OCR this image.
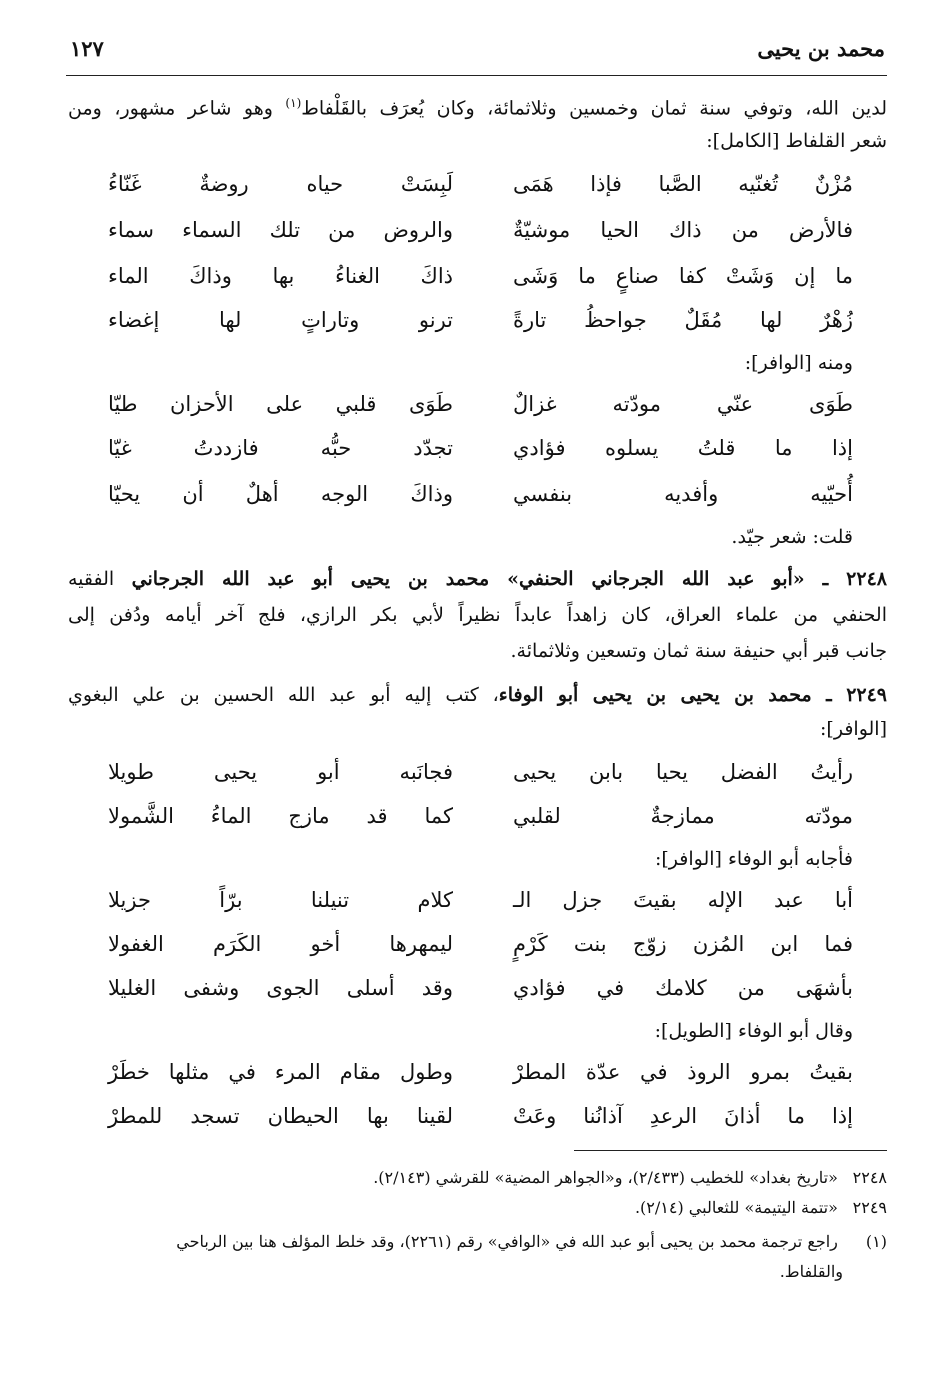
محمد بن يحيى
١٢٧
لدين الله، وتوفي سنة ثمان وخمسين وثلاثمائة، وكان يُعرَف بالقَلْفاط$^{(١)}$ وهو شاعر مشهور، ومن
شعر القلفاط [الكامل]:
مُزْنٌ تُغنّيه الصَّبا فإذا هَمَى
لَبِسَتْ حياه روضةٌ غَنّاءُ
فالأرض من ذاك الحيا موشيّةٌ
والروض من تلك السماء سماء
ما إن وَشَتْ كفا صناعٍ ما وَشَى
ذاكَ الغناءُ بها وذاكَ الماء
زُهْرٌ لها مُقَلٌ جواحظُ تارةً
ترنو وتاراتٍ لها إغضاء
ومنه [الوافر]:
طَوَى عنّي مودّته غزالٌ
طَوَى قلبي على الأحزان طيّا
إذا ما قلتُ يسلوه فؤادي
تجدّد حبُّه فازددتُ غيّا
أُحيّيه وأفديه بنفسي
وذاكَ الوجه أهلٌ أن يحيّا
قلت: شعر جيّد.
٢٢٤٨ ـ «أبو عبد الله الجرجاني الحنفي» محمد بن يحيى أبو عبد الله الجرجاني الفقيه
الحنفي من علماء العراق، كان زاهداً عابداً نظيراً لأبي بكر الرازي، فلج آخر أيامه ودُفن إلى
جانب قبر أبي حنيفة سنة ثمان وتسعين وثلاثمائة.
٢٢٤٩ ـ محمد بن يحيى بن يحيى أبو الوفاء، كتب إليه أبو عبد الله الحسين بن علي البغوي
[الوافر]:
رأيتُ الفضل يحيا بابن يحيى
فجانَبه أبو يحيى طويلا
مودّته ممازجةٌ لقلبي
كما قد مازج الماءُ الشَّمولا
فأجابه أبو الوفاء [الوافر]:
أبا عبد الإله بقيتَ جزل الـ
كلام تنيلنا برّاً جزيلا
فما ابن المُزن زوّج بنت كَرْمٍ
ليمهرها أخو الكَرَم الغفولا
بأشهَى من كلامك في فؤادي
وقد أسلى الجوى وشفى الغليلا
وقال أبو الوفاء [الطويل]:
بقيتُ بمرو الروذ في عدّة المطرْ
وطول مقام المرء في مثلها خطَرْ
إذا ما أذانَ الرعدِ آذانُنا وعَتْ
لقينا بها الحيطان تسجد للمطرْ
٢٢٤٨ «تاريخ بغداد» للخطيب (٢/٤٣٣)، و«الجواهر المضية» للقرشي (٢/١٤٣).
٢٢٤٩ «تتمة اليتيمة» للثعالبي (٢/١٤).
(١) راجع ترجمة محمد بن يحيى أبو عبد الله في «الوافي» رقم (٢٢٦١)، وقد خلط المؤلف هنا بين الرباحي
والقلفاط.
